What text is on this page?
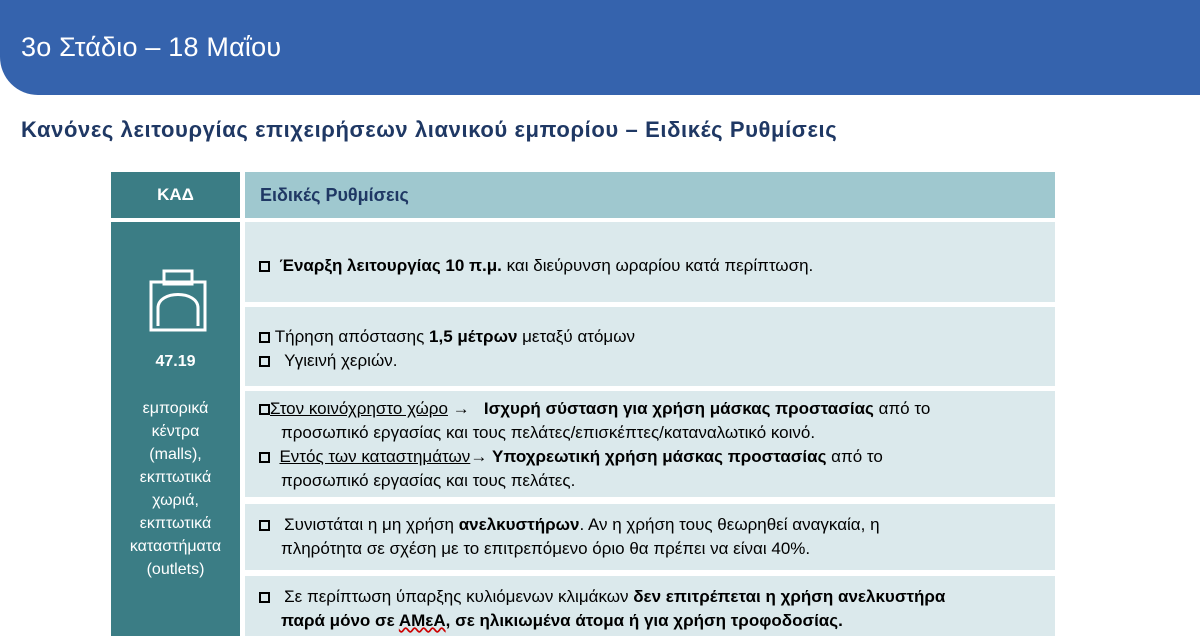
3ο Στάδιο – 18 Μαΐου
Κανόνες λειτουργίας επιχειρήσεων λιανικού εμπορίου – Ειδικές Ρυθμίσεις
ΚΑΔ	Ειδικές Ρυθμίσεις
47.19
εμπορικά
κέντρα
(malls),
εκπτωτικά
χωριά,
εκπτωτικά
καταστήματα
(outlets)
Έναρξη λειτουργίας 10 π.μ. και διεύρυνση ωραρίου κατά περίπτωση.
Τήρηση απόστασης 1,5 μέτρων μεταξύ ατόμων
Υγιεινή χεριών.
Στον κοινόχρηστο χώρο → Ισχυρή σύσταση για χρήση μάσκας προστασίας από το
προσωπικό εργασίας και τους πελάτες/επισκέπτες/καταναλωτικό κοινό.
Εντός των καταστημάτων→ Υποχρεωτική χρήση μάσκας προστασίας από το
προσωπικό εργασίας και τους πελάτες.
Συνιστάται η μη χρήση ανελκυστήρων. Αν η χρήση τους θεωρηθεί αναγκαία, η
πληρότητα σε σχέση με το επιτρεπόμενο όριο θα πρέπει να είναι 40%.
Σε περίπτωση ύπαρξης κυλιόμενων κλιμάκων δεν επιτρέπεται η χρήση ανελκυστήρα
παρά μόνο σε ΑΜεΑ, σε ηλικιωμένα άτομα ή για χρήση τροφοδοσίας.
